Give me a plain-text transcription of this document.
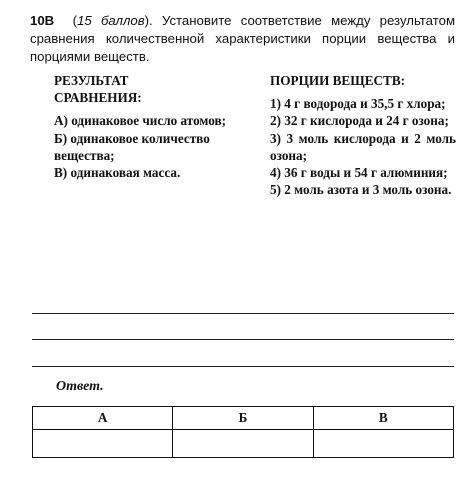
10В  (15 баллов). Установите соответствие между результатом сравнения количественной характеристики порции вещества и порциями веществ.
РЕЗУЛЬТАТ
СРАВНЕНИЯ:

А) одинаковое число атомов;

Б) одинаковое количество вещества;

В) одинаковая масса.

ПОРЦИИ ВЕЩЕСТВ:

1) 4 г водорода и 35,5 г хлора;

2) 32 г кислорода и 24 г озона;

3) 3 моль кислорода и 2 моль озона;

4) 36 г воды и 54 г алюминия;

5) 2 моль азота и 3 моль озона.

Ответ.
А	Б	В
